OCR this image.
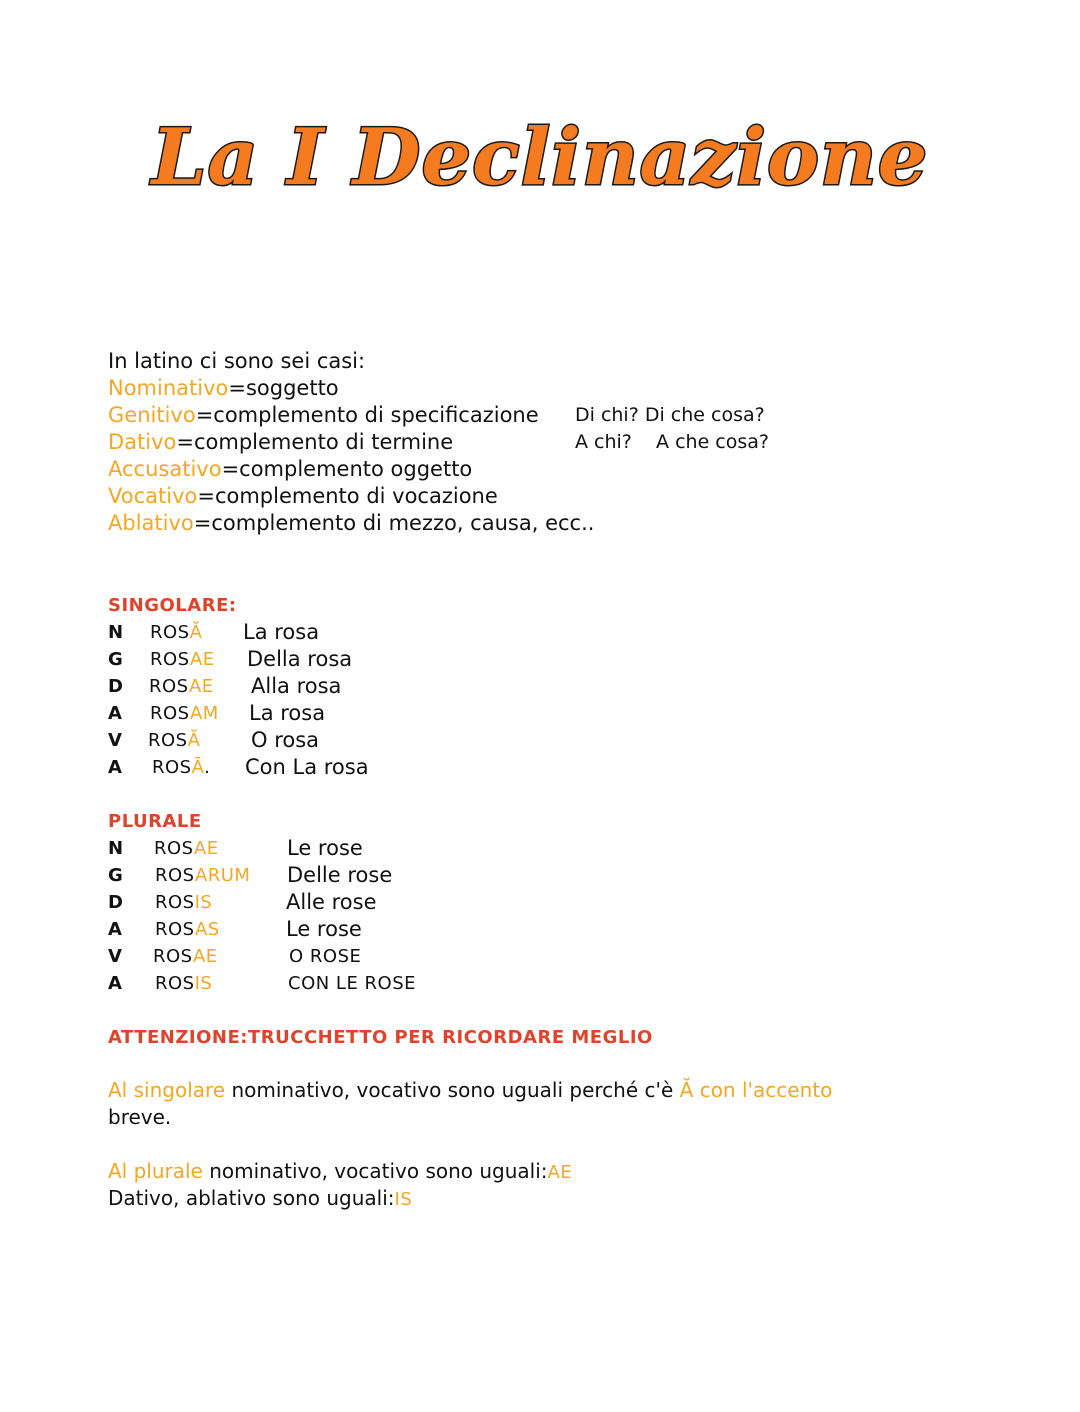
La I Declinazione
In latino ci sono sei casi:
Nominativo=soggetto
Genitivo=complemento di specificazione Di chi? Di che cosa?
Dativo=complemento di termine	A chi?    A che cosa?
Accusativo=complemento oggetto
Vocativo=complemento di vocazione
Ablativo=complemento di mezzo, causa, ecc..
SINGOLARE:
N ROSĂ La rosa
G ROSAE Della rosa
D ROSAE Alla rosa
A ROSAM La rosa
V ROSĂ O rosa
A ROSĀ. Con La rosa
PLURALE
N ROSAE	Le rose
G ROSARUM Delle rose
D ROSIS	Alle rose
A ROSAS	Le rose
V ROSAE	O ROSE
A ROSIS	CON LE ROSE
ATTENZIONE:TRUCCHETTO PER RICORDARE MEGLIO
Al singolare nominativo, vocativo sono uguali perché c'è Ă con l'accento
breve.
Al plurale nominativo, vocativo sono uguali:AE
Dativo, ablativo sono uguali:IS
